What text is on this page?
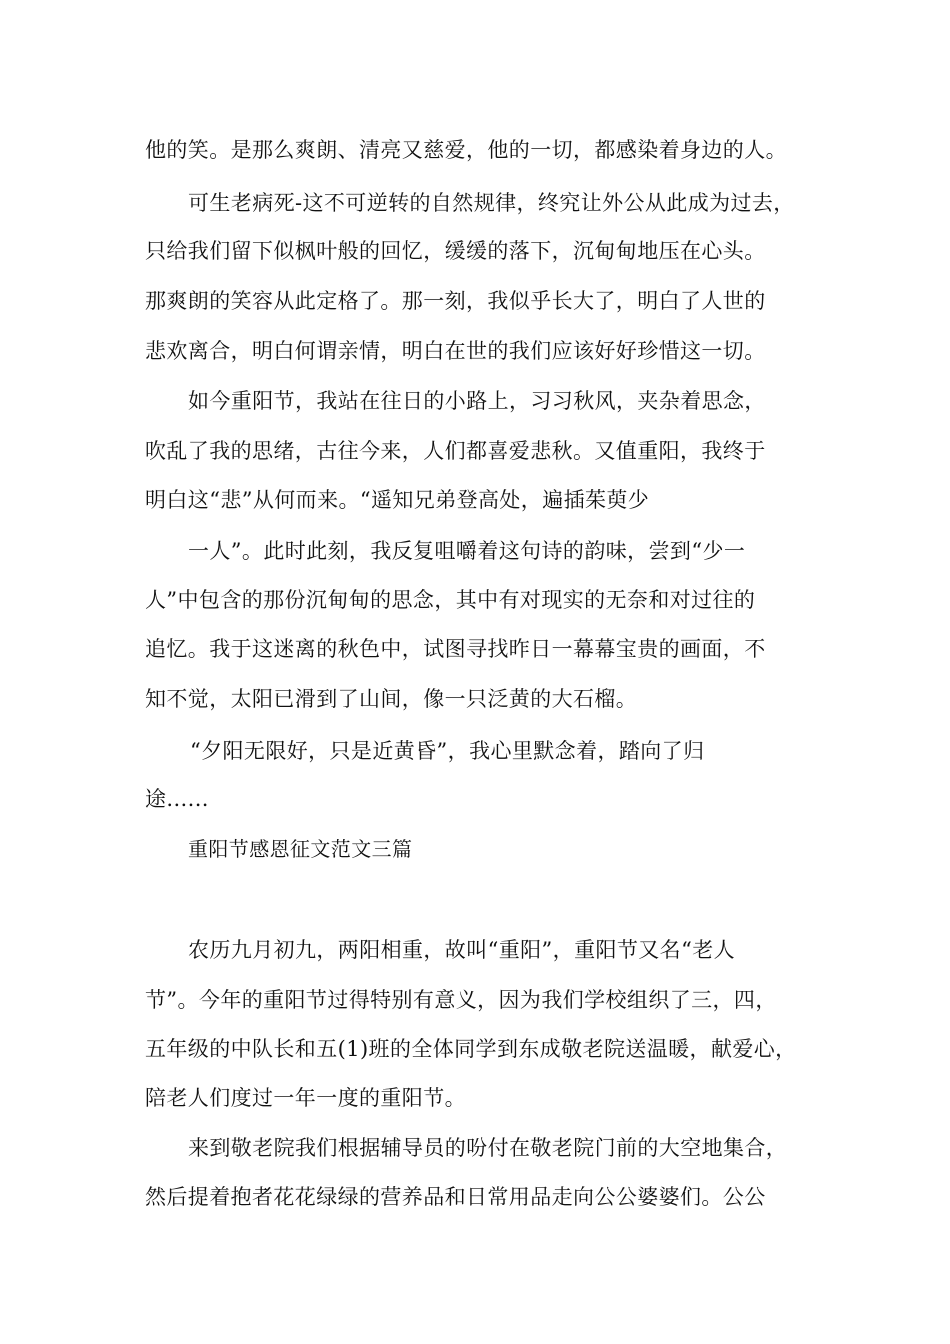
他的笑。是那么爽朗、清亮又慈爱，他的一切，都感染着身边的人。
可生老病死-这不可逆转的自然规律，终究让外公从此成为过去，
只给我们留下似枫叶般的回忆，缓缓的落下，沉甸甸地压在心头。
那爽朗的笑容从此定格了。那一刻，我似乎长大了，明白了人世的
悲欢离合，明白何谓亲情，明白在世的我们应该好好珍惜这一切。
如今重阳节，我站在往日的小路上，习习秋风，夹杂着思念，
吹乱了我的思绪，古往今来，人们都喜爱悲秋。又值重阳，我终于
明白这“悲”从何而来。“遥知兄弟登高处，遍插茱萸少
一人”。此时此刻，我反复咀嚼着这句诗的韵味，尝到“少一
人”中包含的那份沉甸甸的思念，其中有对现实的无奈和对过往的
追忆。我于这迷离的秋色中，试图寻找昨日一幕幕宝贵的画面，不
知不觉，太阳已滑到了山间，像一只泛黄的大石榴。
“夕阳无限好，只是近黄昏”，我心里默念着，踏向了归
途......
重阳节感恩征文范文三篇
农历九月初九，两阳相重，故叫“重阳”，重阳节又名“老人
节”。今年的重阳节过得特别有意义，因为我们学校组织了三，四，
五年级的中队长和五(1)班的全体同学到东成敬老院送温暖，献爱心，
陪老人们度过一年一度的重阳节。
来到敬老院我们根据辅导员的吩付在敬老院门前的大空地集合，
然后提着抱者花花绿绿的营养品和日常用品走向公公婆婆们。公公
